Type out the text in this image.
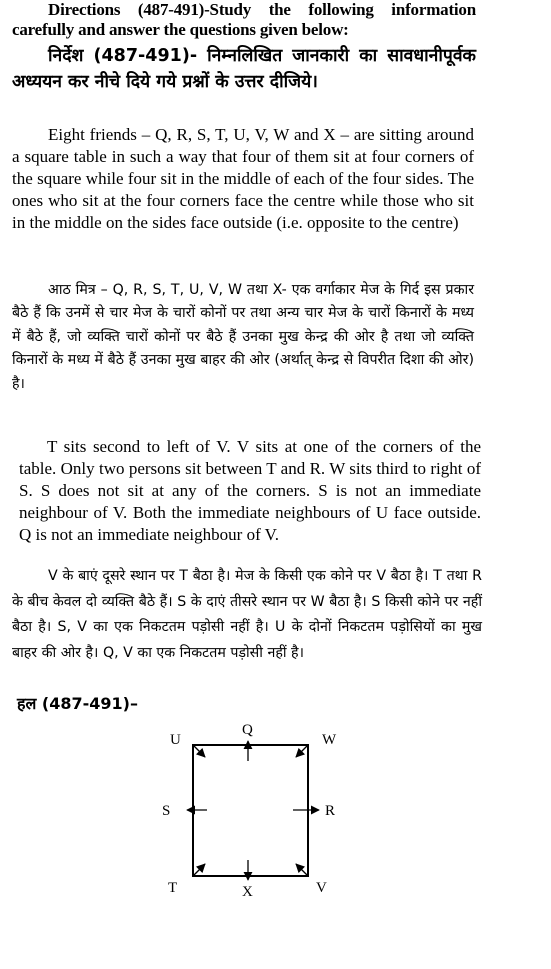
Directions (487-491)-Study the following information carefully and answer the questions given below:
निर्देश (487-491)- निम्नलिखित जानकारी का सावधानीपूर्वक अध्ययन कर नीचे दिये गये प्रश्नों के उत्तर दीजिये।
Eight friends – Q, R, S, T, U, V, W and X – are sitting around a square table in such a way that four of them sit at four corners of the square while four sit in the middle of each of the four sides. The ones who sit at the four corners face the centre while those who sit in the middle on the sides face outside (i.e. opposite to the centre)
आठ मित्र – Q, R, S, T, U, V, W तथा X- एक वर्गाकार मेज के गिर्द इस प्रकार बैठे हैं कि उनमें से चार मेज के चारों कोनों पर तथा अन्य चार मेज के चारों किनारों के मध्य में बैठे हैं, जो व्यक्ति चारों कोनों पर बैठे हैं उनका मुख केन्द्र की ओर है तथा जो व्यक्ति किनारों के मध्य में बैठे हैं उनका मुख बाहर की ओर (अर्थात् केन्द्र से विपरीत दिशा की ओर) है।
T sits second to left of V. V sits at one of the corners of the table. Only two persons sit between T and R. W sits third to right of S. S does not sit at any of the corners. S is not an immediate neighbour of V. Both the immediate neighbours of U face outside. Q is not an immediate neighbour of V.
V के बाएं दूसरे स्थान पर T बैठा है। मेज के किसी एक कोने पर V बैठा है। T तथा R के बीच केवल दो व्यक्ति बैठे हैं। S के दाएं तीसरे स्थान पर W बैठा है। S किसी कोने पर नहीं बैठा है। S, V का एक निकटतम पड़ोसी नहीं है। U के दोनों निकटतम पड़ोसियों का मुख बाहर की ओर है। Q, V का एक निकटतम पड़ोसी नहीं है।
हल (487-491)–
U
Q
W
S	R
T	X	V
